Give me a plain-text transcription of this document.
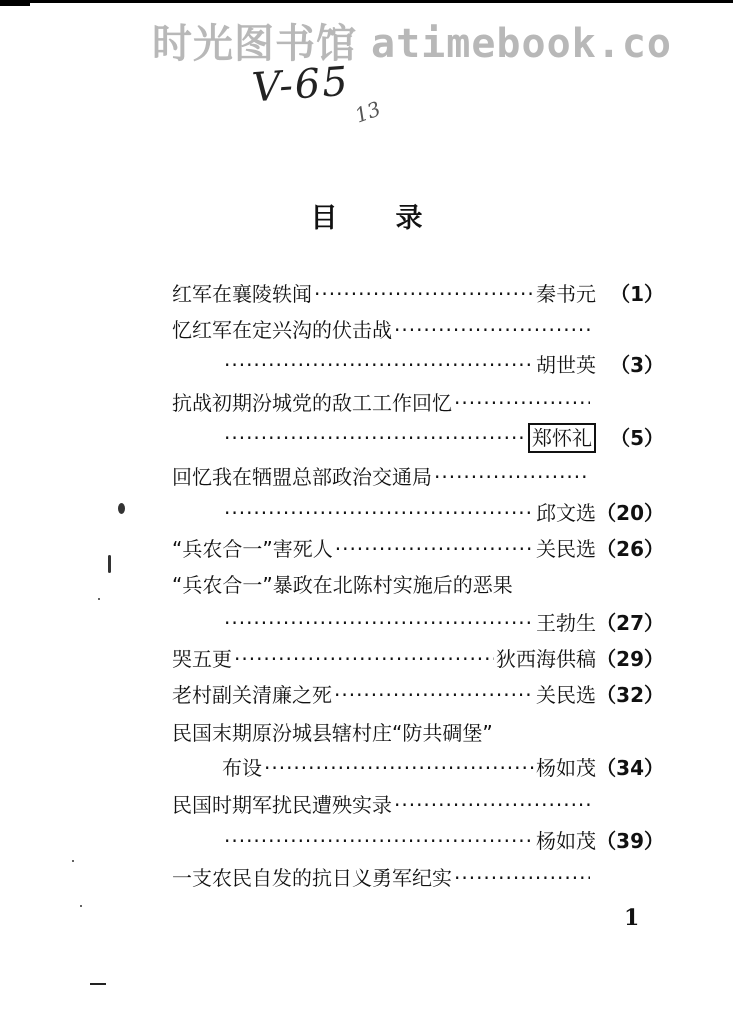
时光图书馆 atimebook.co
V-65
13
目录
红军在襄陵轶闻 ·····	秦书元 （1）
忆红军在定兴沟的伏击战
·····
·····
胡世英 （3）
抗战初期汾城党的敌工工作回忆
·····
·····
郑怀礼 （5）
回忆我在牺盟总部政治交通局
·····
·····
邱文选 （20）
“兵农合一”害死人 ·····	关民选 （26）
“兵农合一”暴政在北陈村实施后的恶果
·····
王勃生 （27）
哭五更 ·····	狄西海供稿 （29）
老村副关清廉之死 ·····	关民选 （32）
民国末期原汾城县辖村庄“防共碉堡”
布设 ·····	杨如茂 （34）
民国时期军扰民遭殃实录
·····
·····
杨如茂 （39）
一支农民自发的抗日义勇军纪实
·····
1
